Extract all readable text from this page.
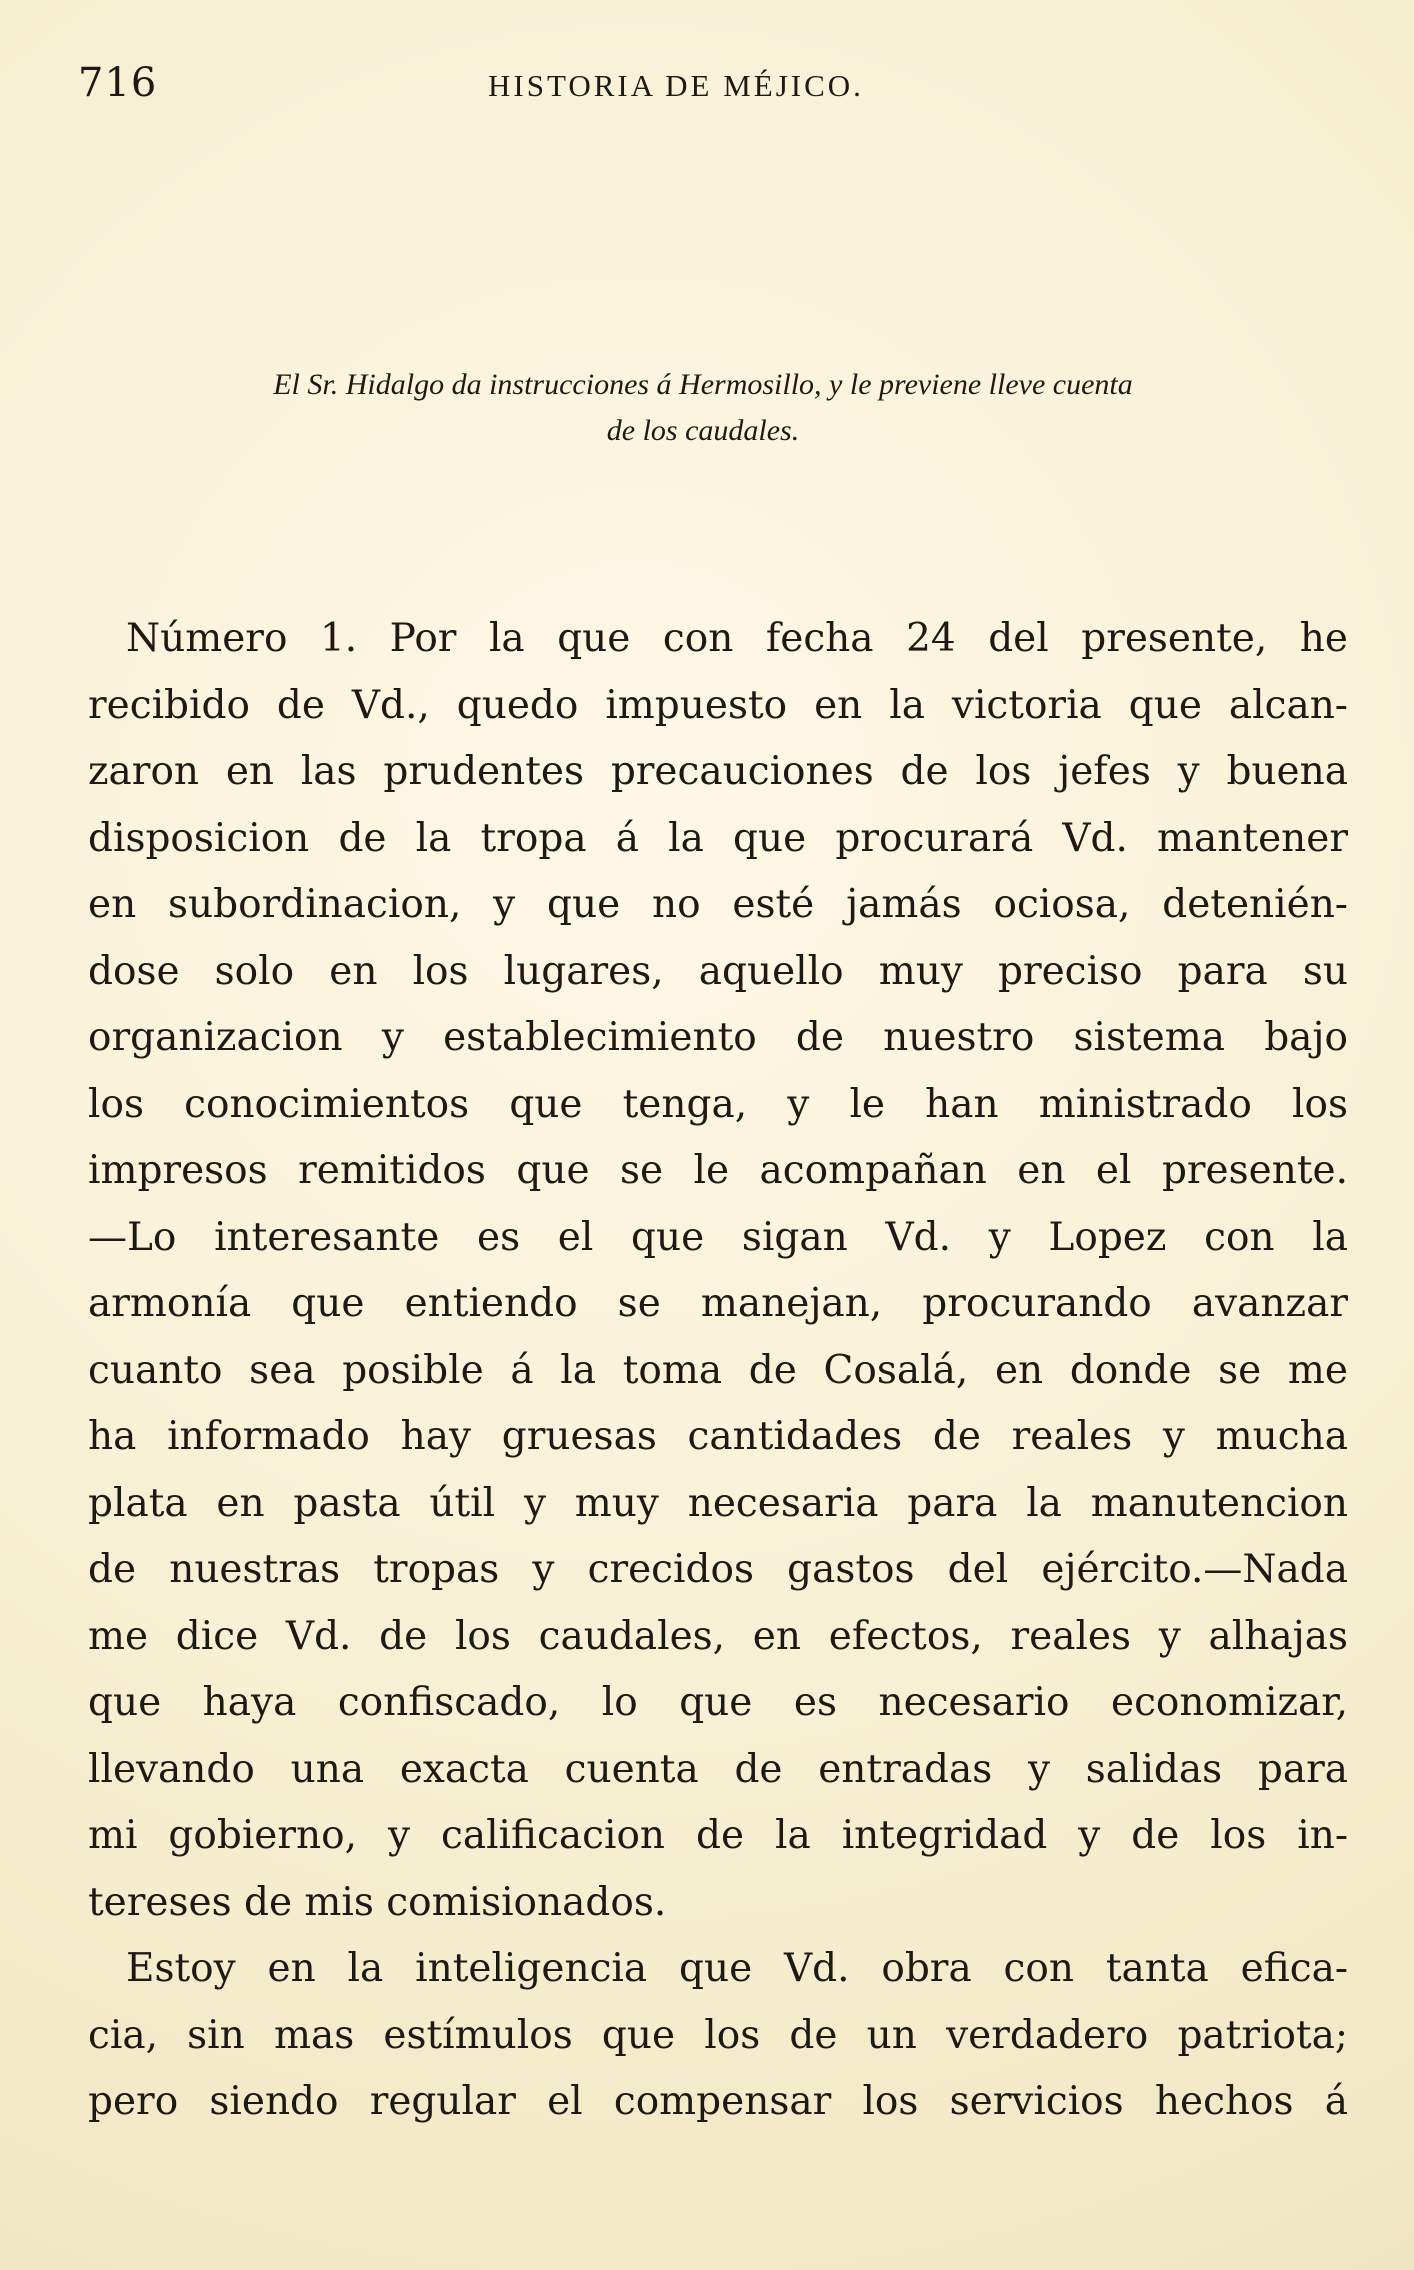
716	HISTORIA DE MÉJICO.
El Sr. Hidalgo da instrucciones á Hermosillo, y le previene lleve cuenta
de los caudales.
Número 1. Por la que con fecha 24 del presente, he
recibido de Vd., quedo impuesto en la victoria que alcan-
zaron en las prudentes precauciones de los jefes y buena
disposicion de la tropa á la que procurará Vd. mantener
en subordinacion, y que no esté jamás ociosa, detenién-
dose solo en los lugares, aquello muy preciso para su
organizacion y establecimiento de nuestro sistema bajo
los conocimientos que tenga, y le han ministrado los
impresos remitidos que se le acompañan en el presente.
—Lo interesante es el que sigan Vd. y Lopez con la
armonía que entiendo se manejan, procurando avanzar
cuanto sea posible á la toma de Cosalá, en donde se me
ha informado hay gruesas cantidades de reales y mucha
plata en pasta útil y muy necesaria para la manutencion
de nuestras tropas y crecidos gastos del ejército.—Nada
me dice Vd. de los caudales, en efectos, reales y alhajas
que haya confiscado, lo que es necesario economizar,
llevando una exacta cuenta de entradas y salidas para
mi gobierno, y calificacion de la integridad y de los in-
tereses de mis comisionados.
Estoy en la inteligencia que Vd. obra con tanta efica-
cia, sin mas estímulos que los de un verdadero patriota;
pero siendo regular el compensar los servicios hechos á
